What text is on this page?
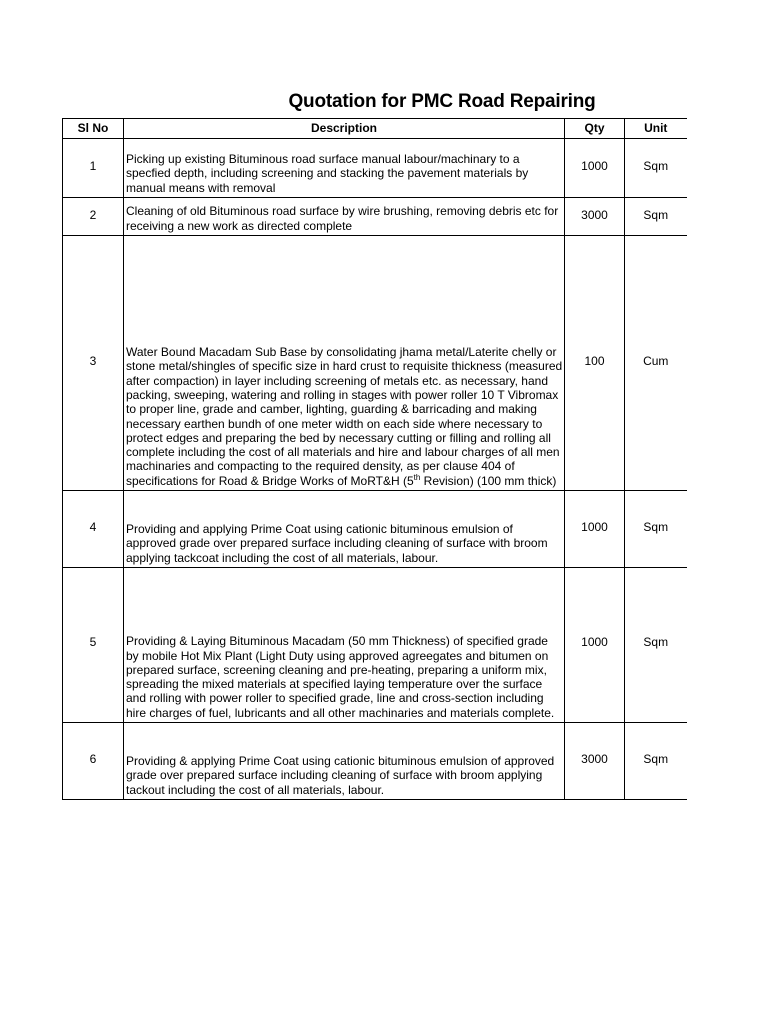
Quotation for PMC Road Repairing
Sl No	Description	Qty	Unit
1	Picking up existing Bituminous road surface manual labour/machinary to a specfied depth, including screening and stacking the pavement materials by manual means with removal	1000	Sqm
2	Cleaning of old Bituminous road surface by wire brushing, removing debris etc for receiving a new work as directed complete	3000	Sqm
3	Water Bound Macadam Sub Base by consolidating jhama metal/Laterite chelly or stone metal/shingles of specific size in hard crust to requisite thickness (measured after compaction) in layer including screening of metals etc. as necessary, hand packing, sweeping, watering and rolling in stages with power roller 10 T Vibromax to proper line, grade and camber, lighting, guarding & barricading and making necessary earthen bundh of one meter width on each side where necessary to protect edges and preparing the bed by necessary cutting or filling and rolling all complete including the cost of all materials and hire and labour charges of all men machinaries and compacting to the required density, as per clause 404 of specifications for Road & Bridge Works of MoRT&H (5th Revision) (100 mm thick)	100	Cum
4	Providing and applying Prime Coat using cationic bituminous emulsion of approved grade over prepared surface including cleaning of surface with broom applying tackcoat including the cost of all materials, labour.	1000	Sqm
5	Providing & Laying Bituminous Macadam (50 mm Thickness) of specified grade by mobile Hot Mix Plant (Light Duty using approved agreegates and bitumen on prepared surface, screening cleaning and pre-heating, preparing a uniform mix, spreading the mixed materials at specified laying temperature over the surface and rolling with power roller to specified grade, line and cross-section including hire charges of fuel, lubricants and all other machinaries and materials complete.	1000	Sqm
6	Providing & applying Prime Coat using cationic bituminous emulsion of approved grade over prepared surface including cleaning of surface with broom applying tackout including the cost of all materials, labour.	3000	Sqm
